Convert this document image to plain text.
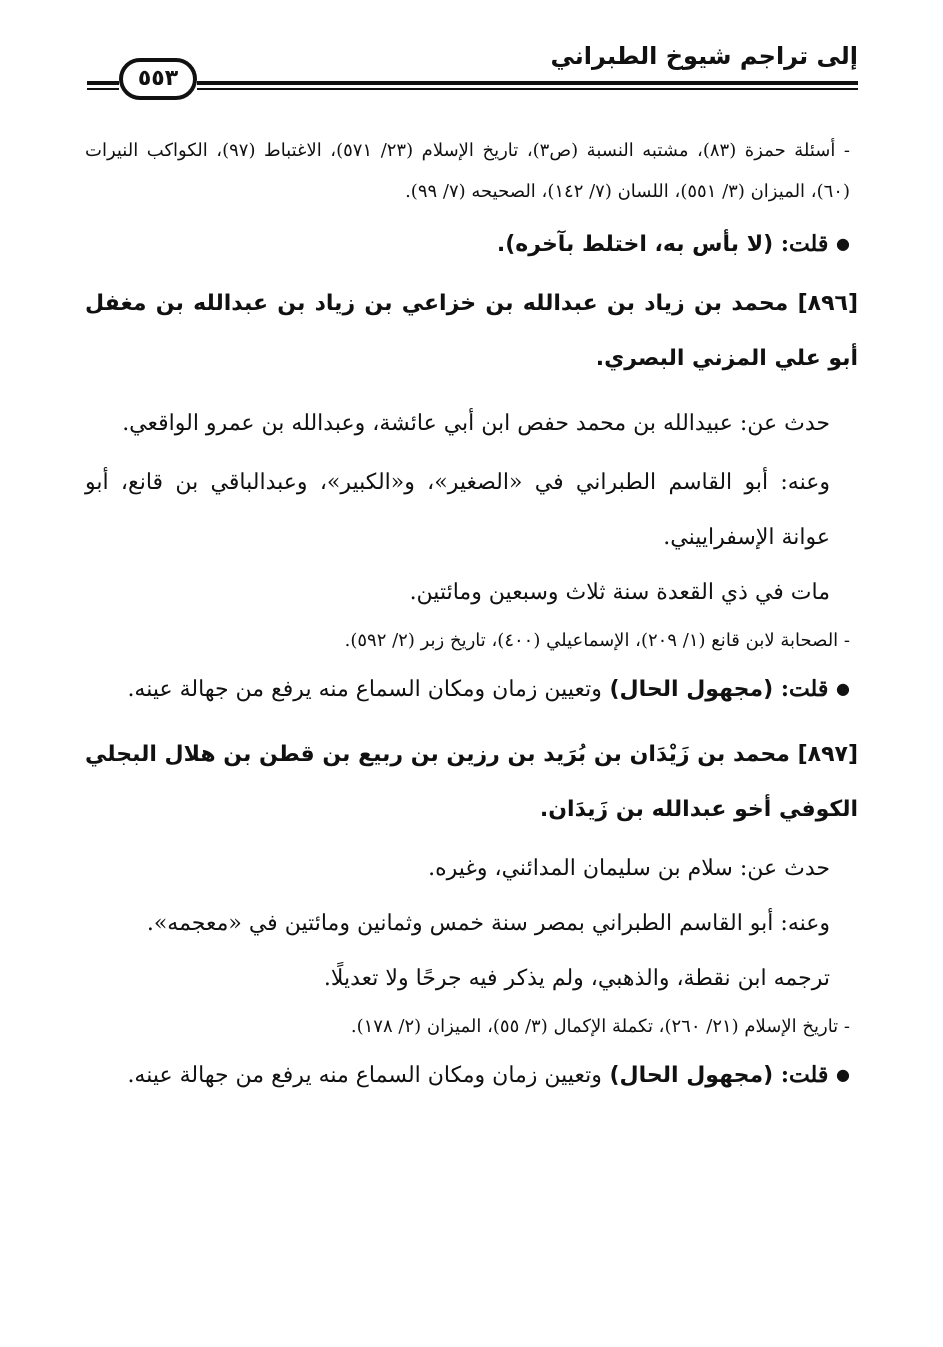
إلى تراجم شيوخ الطبراني
٥٥٣

- أسئلة حمزة (٨٣)، مشتبه النسبة (ص٣)، تاريخ الإسلام (٢٣/ ٥٧١)، الاغتباط (٩٧)، الكواكب النيرات (٦٠)، الميزان (٣/ ٥٥١)، اللسان (٧/ ١٤٢)، الصحيحه (٧/ ٩٩).

● قلت: (لا بأس به، اختلط بآخره).

[٨٩٦] محمد بن زياد بن عبدالله بن خزاعي بن زياد بن عبدالله بن مغفل أبو علي المزني البصري.

حدث عن: عبيدالله بن محمد حفص ابن أبي عائشة، وعبدالله بن عمرو الواقعي.

وعنه: أبو القاسم الطبراني في «الصغير»، و«الكبير»، وعبدالباقي بن قانع، أبو عوانة الإسفراييني.

مات في ذي القعدة سنة ثلاث وسبعين ومائتين.

- الصحابة لابن قانع (١/ ٢٠٩)، الإسماعيلي (٤٠٠)، تاريخ زبر (٢/ ٥٩٢).

● قلت: (مجهول الحال) وتعيين زمان ومكان السماع منه يرفع من جهالة عينه.

[٨٩٧] محمد بن زَيْدَان بن بُرَيد بن رزين بن ربيع بن قطن بن هلال البجلي الكوفي أخو عبدالله بن زَيدَان.

حدث عن: سلام بن سليمان المدائني، وغيره.

وعنه: أبو القاسم الطبراني بمصر سنة خمس وثمانين ومائتين في «معجمه».

ترجمه ابن نقطة، والذهبي، ولم يذكر فيه جرحًا ولا تعديلًا.

- تاريخ الإسلام (٢١/ ٢٦٠)، تكملة الإكمال (٣/ ٥٥)، الميزان (٢/ ١٧٨).

● قلت: (مجهول الحال) وتعيين زمان ومكان السماع منه يرفع من جهالة عينه.
